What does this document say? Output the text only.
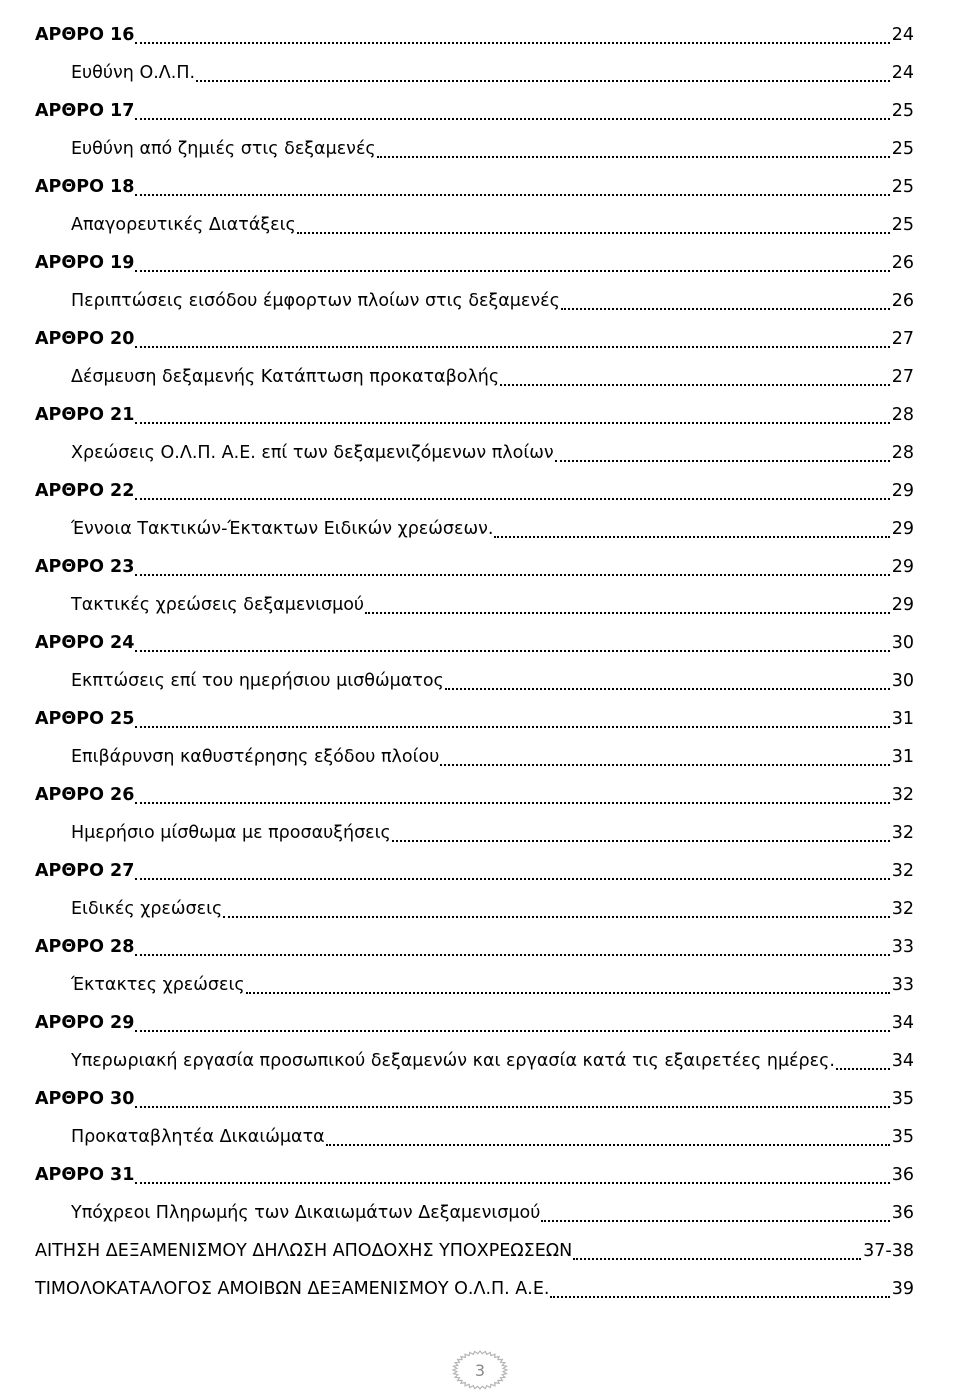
ΑΡΘΡΟ 16	24
Ευθύνη Ο.Λ.Π.	24
ΑΡΘΡΟ 17	25
Ευθύνη από ζημιές στις δεξαμενές	25
ΑΡΘΡΟ 18	25
Απαγορευτικές Διατάξεις	25
ΑΡΘΡΟ 19	26
Περιπτώσεις εισόδου έμφορτων πλοίων στις δεξαμενές	26
ΑΡΘΡΟ 20	27
Δέσμευση δεξαμενής Κατάπτωση προκαταβολής	27
ΑΡΘΡΟ 21	28
Χρεώσεις Ο.Λ.Π. Α.Ε. επί των δεξαμενιζόμενων πλοίων	28
ΑΡΘΡΟ 22	29
Έννοια Τακτικών-Έκτακτων Ειδικών χρεώσεων.	29
ΑΡΘΡΟ 23	29
Τακτικές χρεώσεις δεξαμενισμού	29
ΑΡΘΡΟ 24	30
Εκπτώσεις επί του ημερήσιου μισθώματος	30
ΑΡΘΡΟ 25	31
Επιβάρυνση καθυστέρησης εξόδου πλοίου	31
ΑΡΘΡΟ 26	32
Ημερήσιο μίσθωμα με προσαυξήσεις	32
ΑΡΘΡΟ 27	32
Ειδικές χρεώσεις	32
ΑΡΘΡΟ 28	33
Έκτακτες χρεώσεις	33
ΑΡΘΡΟ 29	34
Υπερωριακή εργασία προσωπικού δεξαμενών και εργασία κατά τις εξαιρετέες ημέρες.	34
ΑΡΘΡΟ 30	35
Προκαταβλητέα Δικαιώματα	35
ΑΡΘΡΟ 31	36
Υπόχρεοι Πληρωμής των Δικαιωμάτων Δεξαμενισμού	36
ΑΙΤΗΣΗ ΔΕΞΑΜΕΝΙΣΜΟΥ ΔΗΛΩΣΗ ΑΠΟΔΟΧΗΣ ΥΠΟΧΡΕΩΣΕΩΝ	37-38
ΤΙΜΟΛΟΚΑΤΑΛΟΓΟΣ ΑΜΟΙΒΩΝ ΔΕΞΑΜΕΝΙΣΜΟΥ Ο.Λ.Π. Α.Ε.	39
3
